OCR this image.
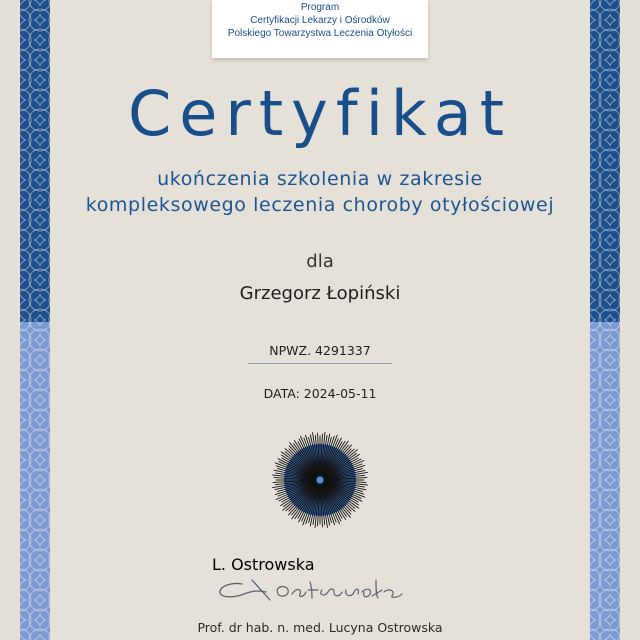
Program
Certyfikacji Lekarzy i Ośrodków
Polskiego Towarzystwa Leczenia Otyłości
Certyfikat
ukończenia szkolenia w zakresie
kompleksowego leczenia choroby otyłościowej
dla
Grzegorz Łopiński
NPWZ. 4291337
DATA: 2024-05-11
L. Ostrowska
Prof. dr hab. n. med. Lucyna Ostrowska
